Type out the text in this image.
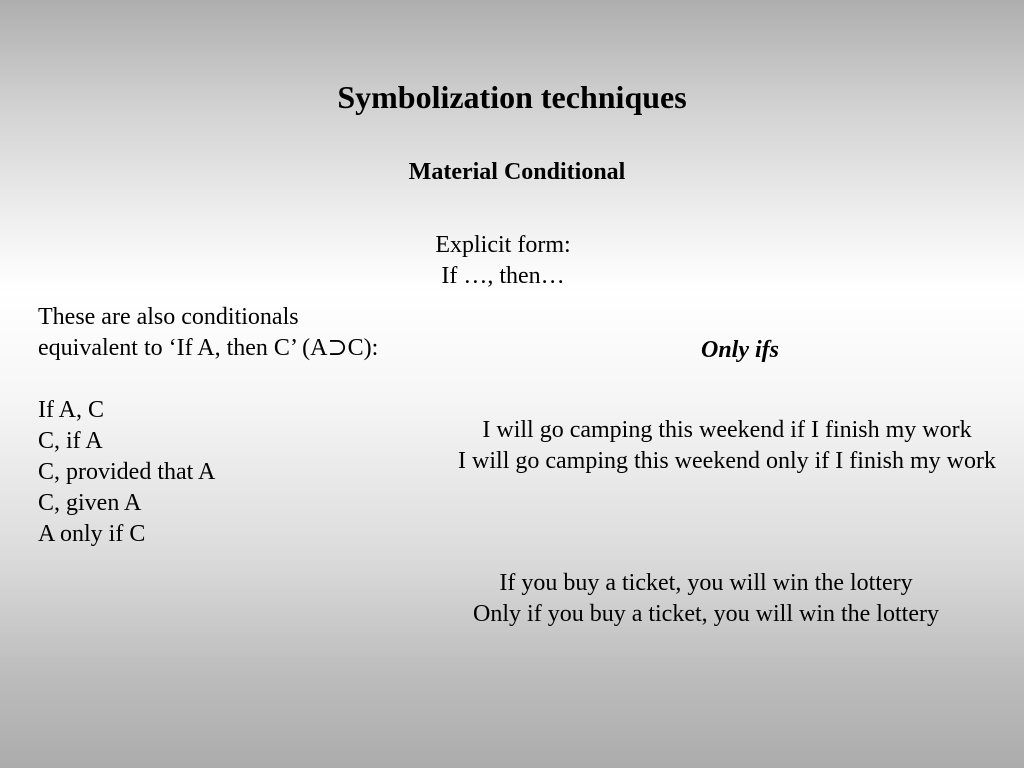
Symbolization techniques
Material Conditional
Explicit form:
If …, then…
These are also conditionals
equivalent to ‘If A, then C’ (A⊃C):
If A, C
C, if A
C, provided that A
C, given A
A only if C
Only ifs
I will go camping this weekend if I finish my work
I will go camping this weekend only if I finish my work
If you buy a ticket, you will win the lottery
Only if you buy a ticket, you will win the lottery
